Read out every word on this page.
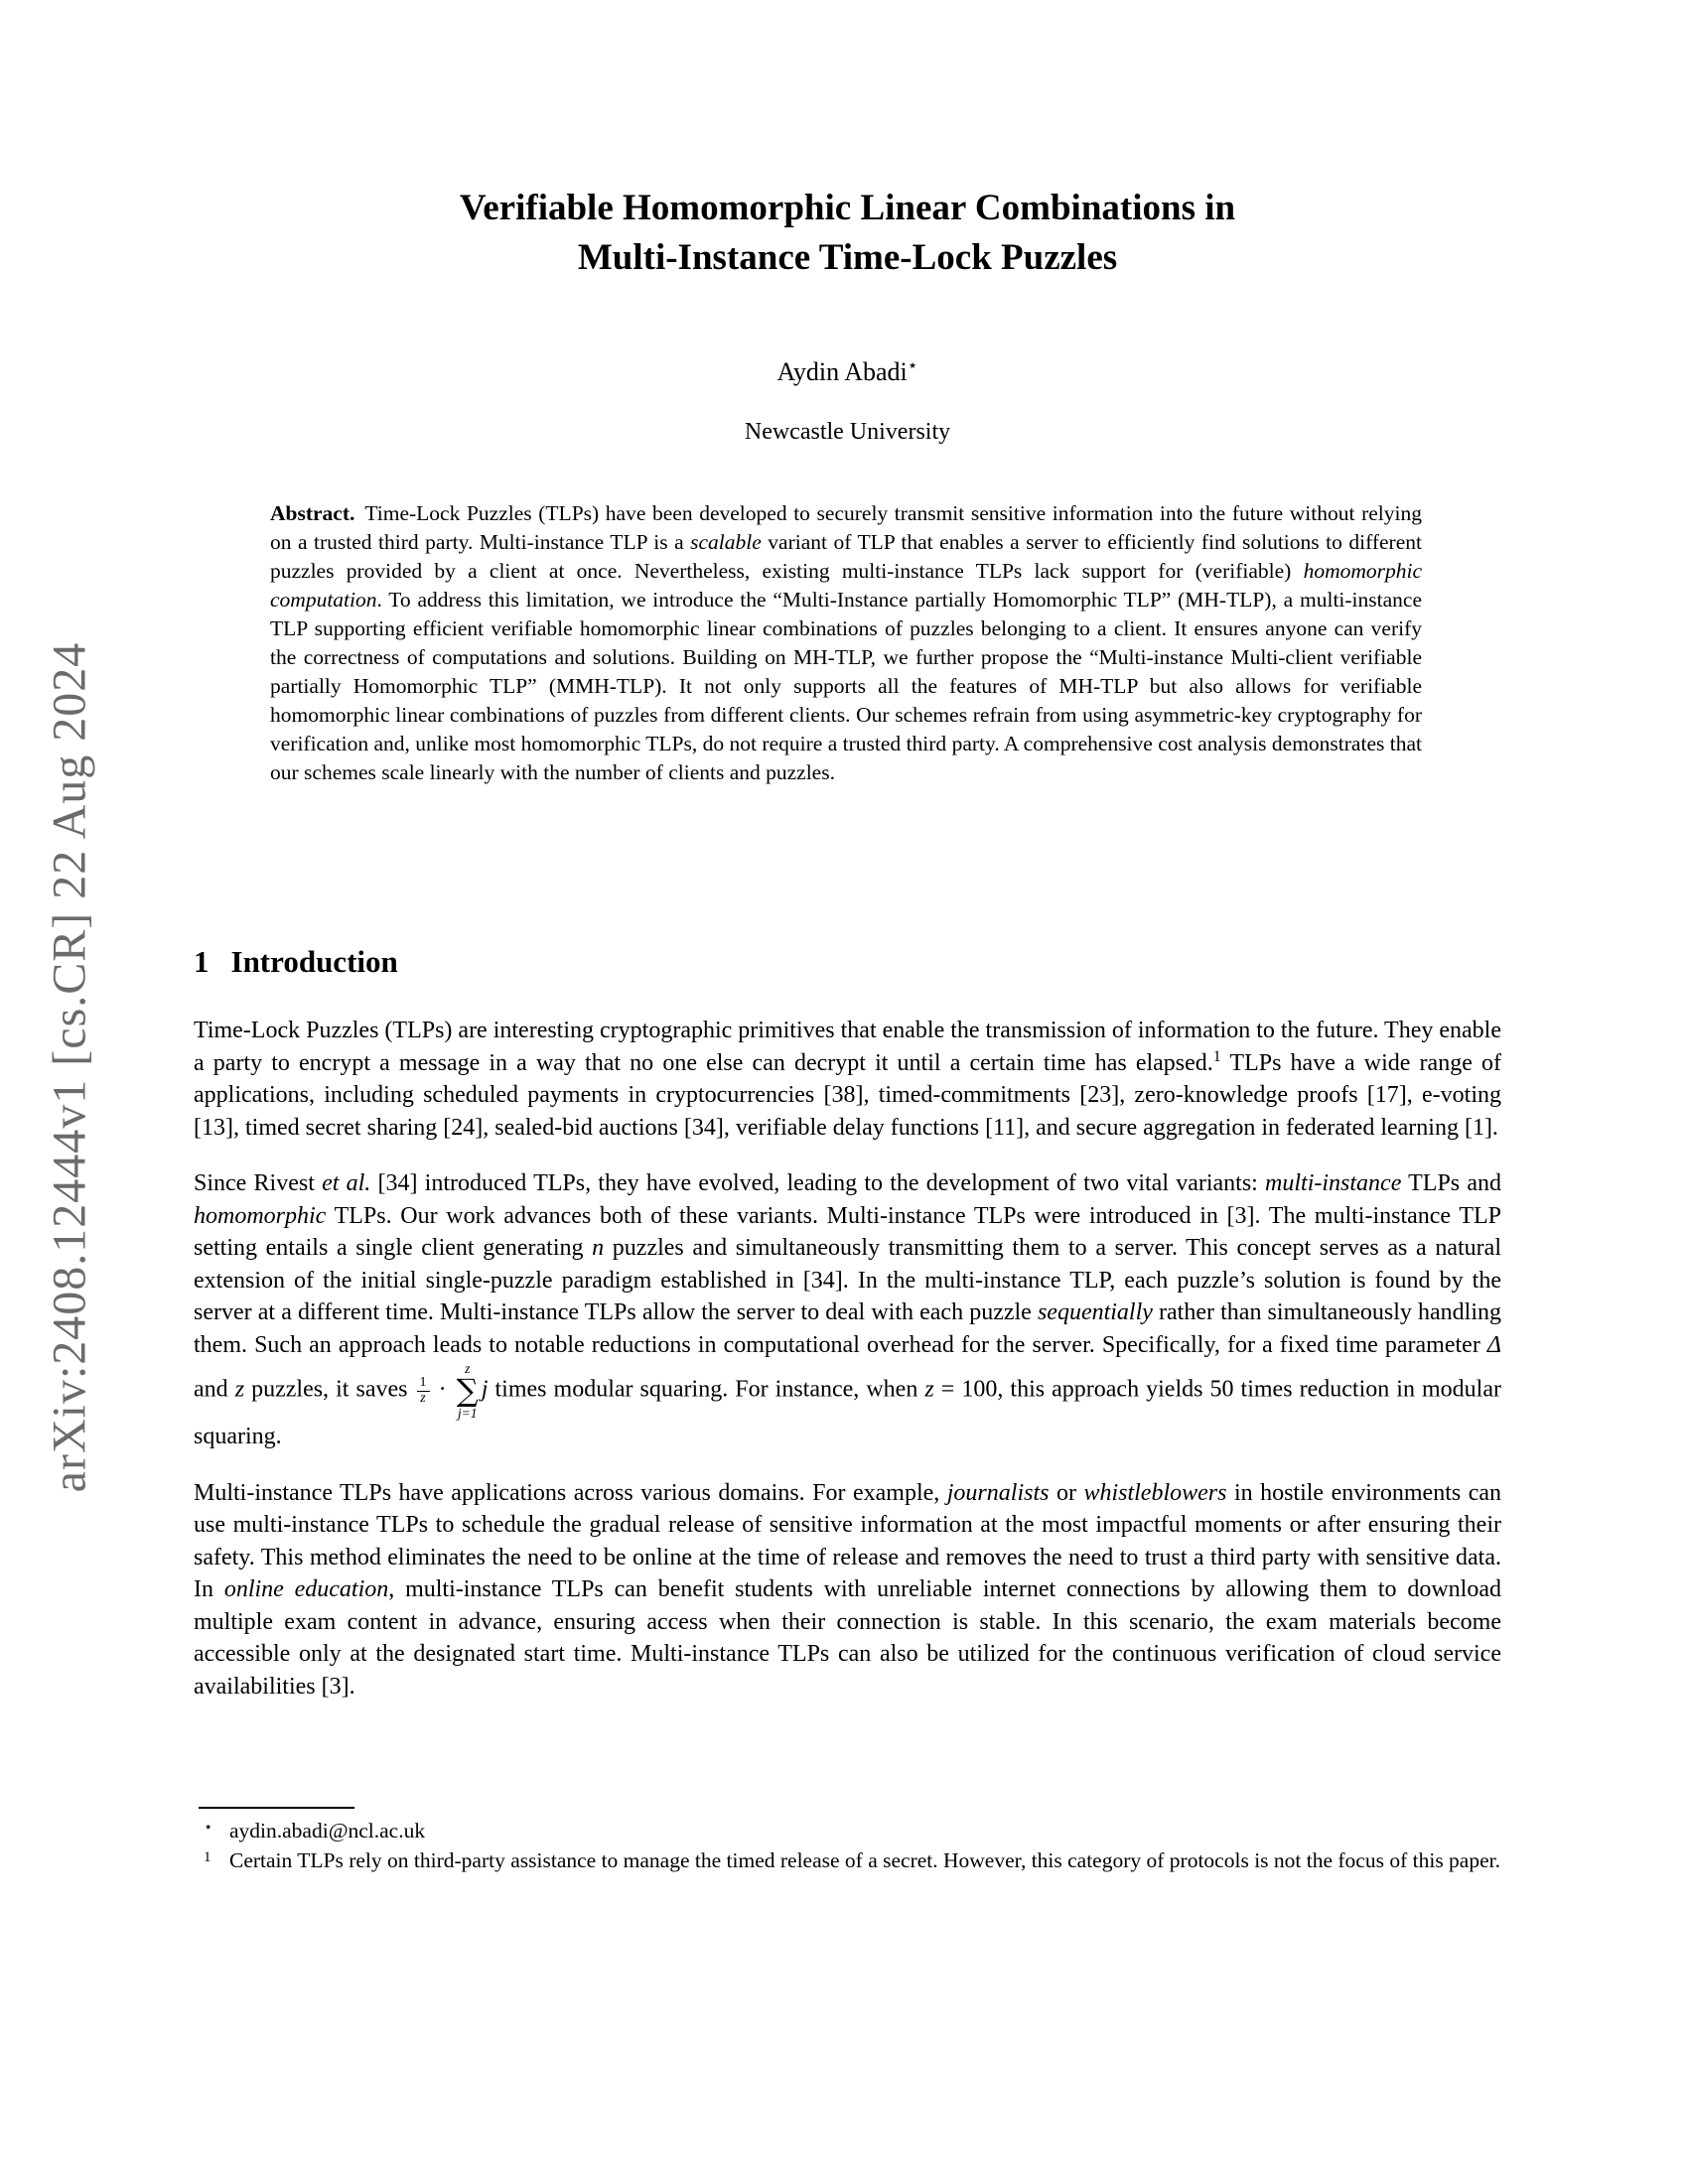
arXiv:2408.12444v1 [cs.CR] 22 Aug 2024
Verifiable Homomorphic Linear Combinations in
Multi-Instance Time-Lock Puzzles
Aydin Abadi⋆
Newcastle University
Abstract. Time-Lock Puzzles (TLPs) have been developed to securely transmit sensitive information into the future without relying on a trusted third party. Multi-instance TLP is a scalable variant of TLP that enables a server to efficiently find solutions to different puzzles provided by a client at once. Nevertheless, existing multi-instance TLPs lack support for (verifiable) homomorphic computation. To address this limitation, we introduce the “Multi-Instance partially Homomorphic TLP” (MH-TLP), a multi-instance TLP supporting efficient verifiable homomorphic linear combinations of puzzles belonging to a client. It ensures anyone can verify the correctness of computations and solutions. Building on MH-TLP, we further propose the “Multi-instance Multi-client verifiable partially Homomorphic TLP” (MMH-TLP). It not only supports all the features of MH-TLP but also allows for verifiable homomorphic linear combinations of puzzles from different clients. Our schemes refrain from using asymmetric-key cryptography for verification and, unlike most homomorphic TLPs, do not require a trusted third party. A comprehensive cost analysis demonstrates that our schemes scale linearly with the number of clients and puzzles.
1 Introduction

Time-Lock Puzzles (TLPs) are interesting cryptographic primitives that enable the transmission of information to the future. They enable a party to encrypt a message in a way that no one else can decrypt it until a certain time has elapsed.$^1$ TLPs have a wide range of applications, including scheduled payments in cryptocurrencies [38], timed-commitments [23], zero-knowledge proofs [17], e-voting [13], timed secret sharing [24], sealed-bid auctions [34], verifiable delay functions [11], and secure aggregation in federated learning [1].

Since Rivest et al. [34] introduced TLPs, they have evolved, leading to the development of two vital variants: multi-instance TLPs and homomorphic TLPs. Our work advances both of these variants. Multi-instance TLPs were introduced in [3]. The multi-instance TLP setting entails a single client generating n puzzles and simultaneously transmitting them to a server. This concept serves as a natural extension of the initial single-puzzle paradigm established in [34]. In the multi-instance TLP, each puzzle’s solution is found by the server at a different time. Multi-instance TLPs allow the server to deal with each puzzle sequentially rather than simultaneously handling them. Such an approach leads to notable reductions in computational overhead for the server. Specifically, for a fixed time parameter Δ and z puzzles, it saves $\frac{1}{z}$ ·
z
∑
j=1
j times modular squaring. For instance, when z = 100, this approach yields 50 times reduction in modular squaring.

Multi-instance TLPs have applications across various domains. For example, journalists or whistleblowers in hostile environments can use multi-instance TLPs to schedule the gradual release of sensitive information at the most impactful moments or after ensuring their safety. This method eliminates the need to be online at the time of release and removes the need to trust a third party with sensitive data. In online education, multi-instance TLPs can benefit students with unreliable internet connections by allowing them to download multiple exam content in advance, ensuring access when their connection is stable. In this scenario, the exam materials become accessible only at the designated start time. Multi-instance TLPs can also be utilized for the continuous verification of cloud service availabilities [3].

⋆ aydin.abadi@ncl.ac.uk
1 Certain TLPs rely on third-party assistance to manage the timed release of a secret. However, this category of protocols is not the focus of this paper.
